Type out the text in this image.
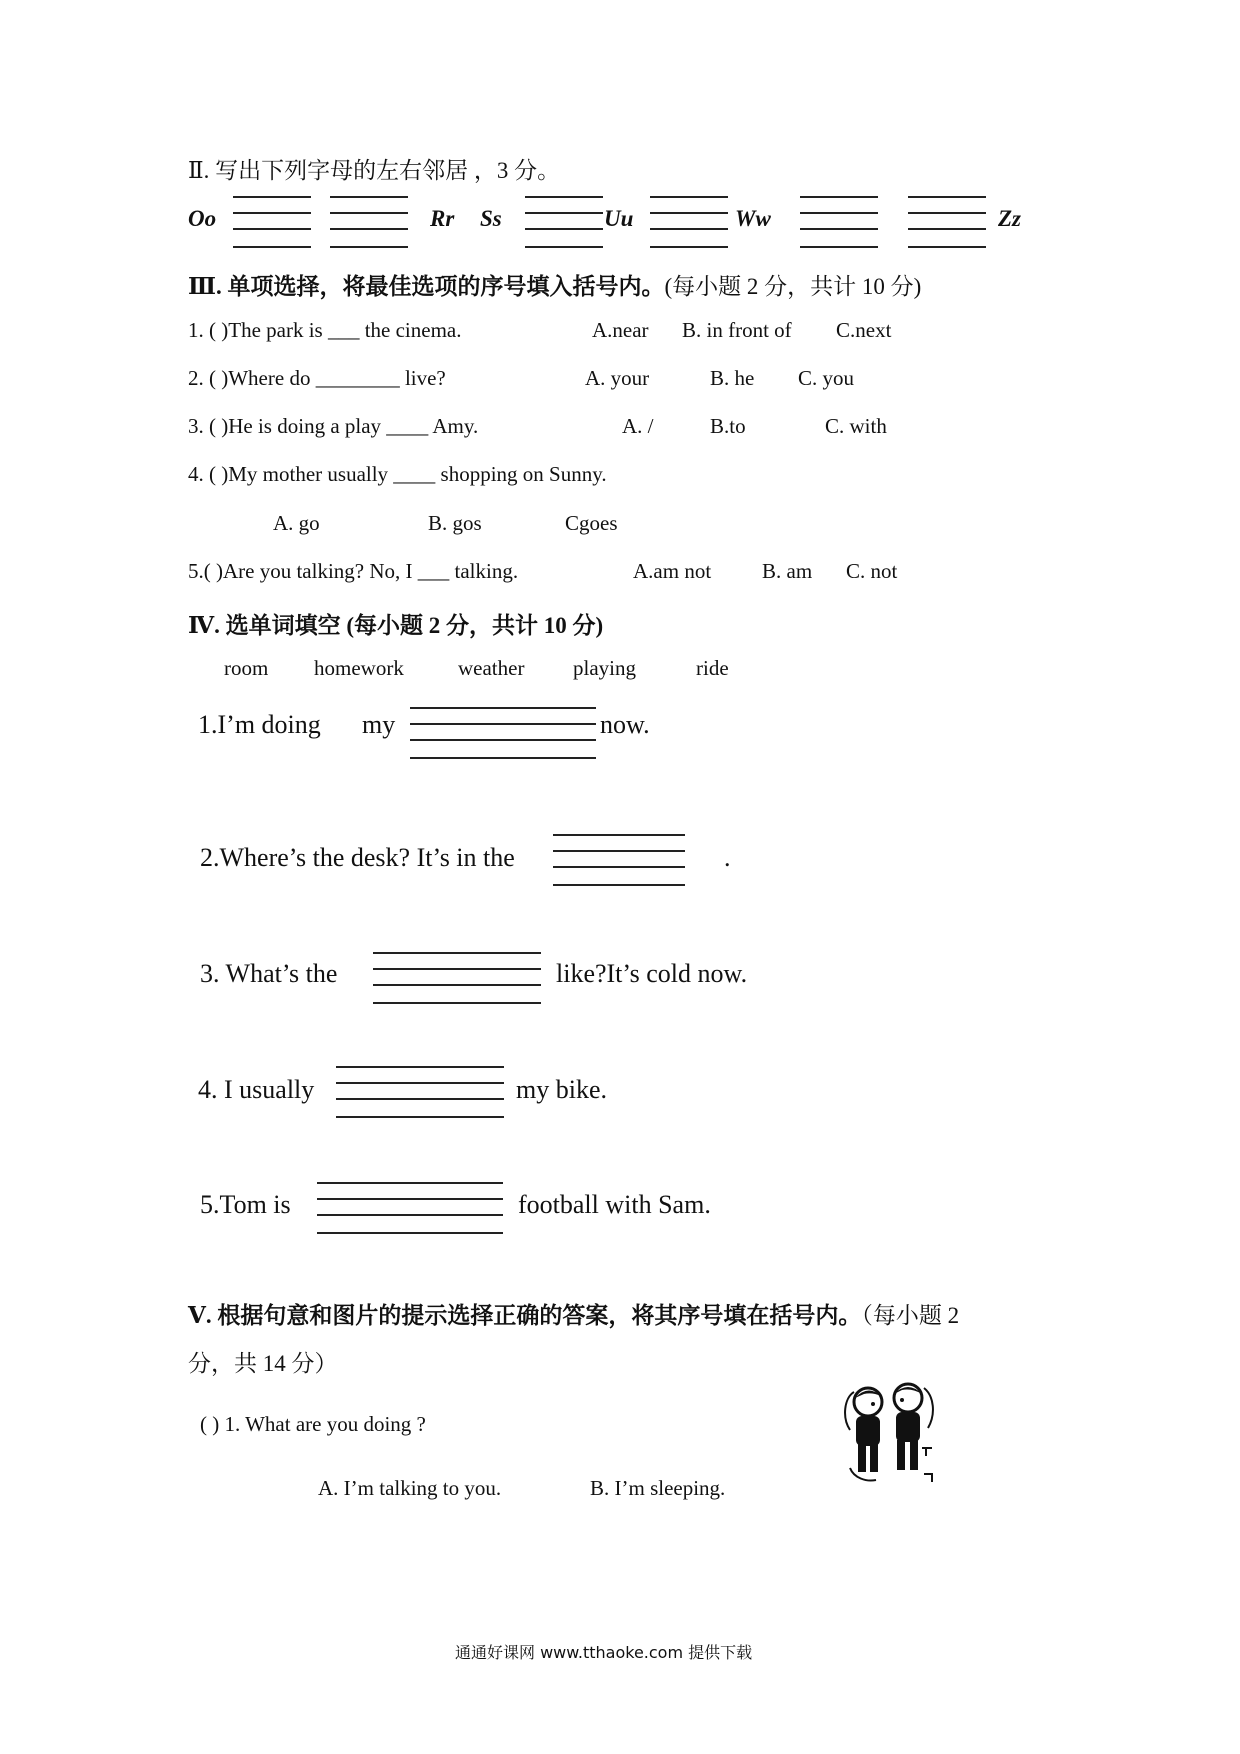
Ⅱ. 写出下列字母的左右邻居 ，3 分。
Oo	Rr Ss	Uu	Ww	Zz
Ⅲ. 单项选择，将最佳选项的序号填入括号内。(每小题 2 分，共计 10 分)
1. ( )The park is ___ the cinema.	A.near B. in front of C.next
2. ( )Where do ________ live?	A. your	B. he C. you
3. ( )He is doing a play ____ Amy.	A. /	B.to	C. with
4. ( )My mother usually ____ shopping on Sunny.
A. go	B. gos	Cgoes
5.( )Are you talking? No, I ___ talking.	A.am not B. am C. not
Ⅳ. 选单词填空 (每小题 2 分，共计 10 分)
room homework	weather playing	ride
1.I’m doing my	now.
2.Where’s the desk? It’s in the	.
3. What’s the	like?It’s cold now.
4. I usually	my bike.
5.Tom is	football with Sam.
Ⅴ. 根据句意和图片的提示选择正确的答案，将其序号填在括号内。（每小题 2
分，共 14 分）
( ) 1. What are you doing ?
A. I’m talking to you.	B. I’m sleeping.
通通好课网 www.tthaoke.com 提供下载
